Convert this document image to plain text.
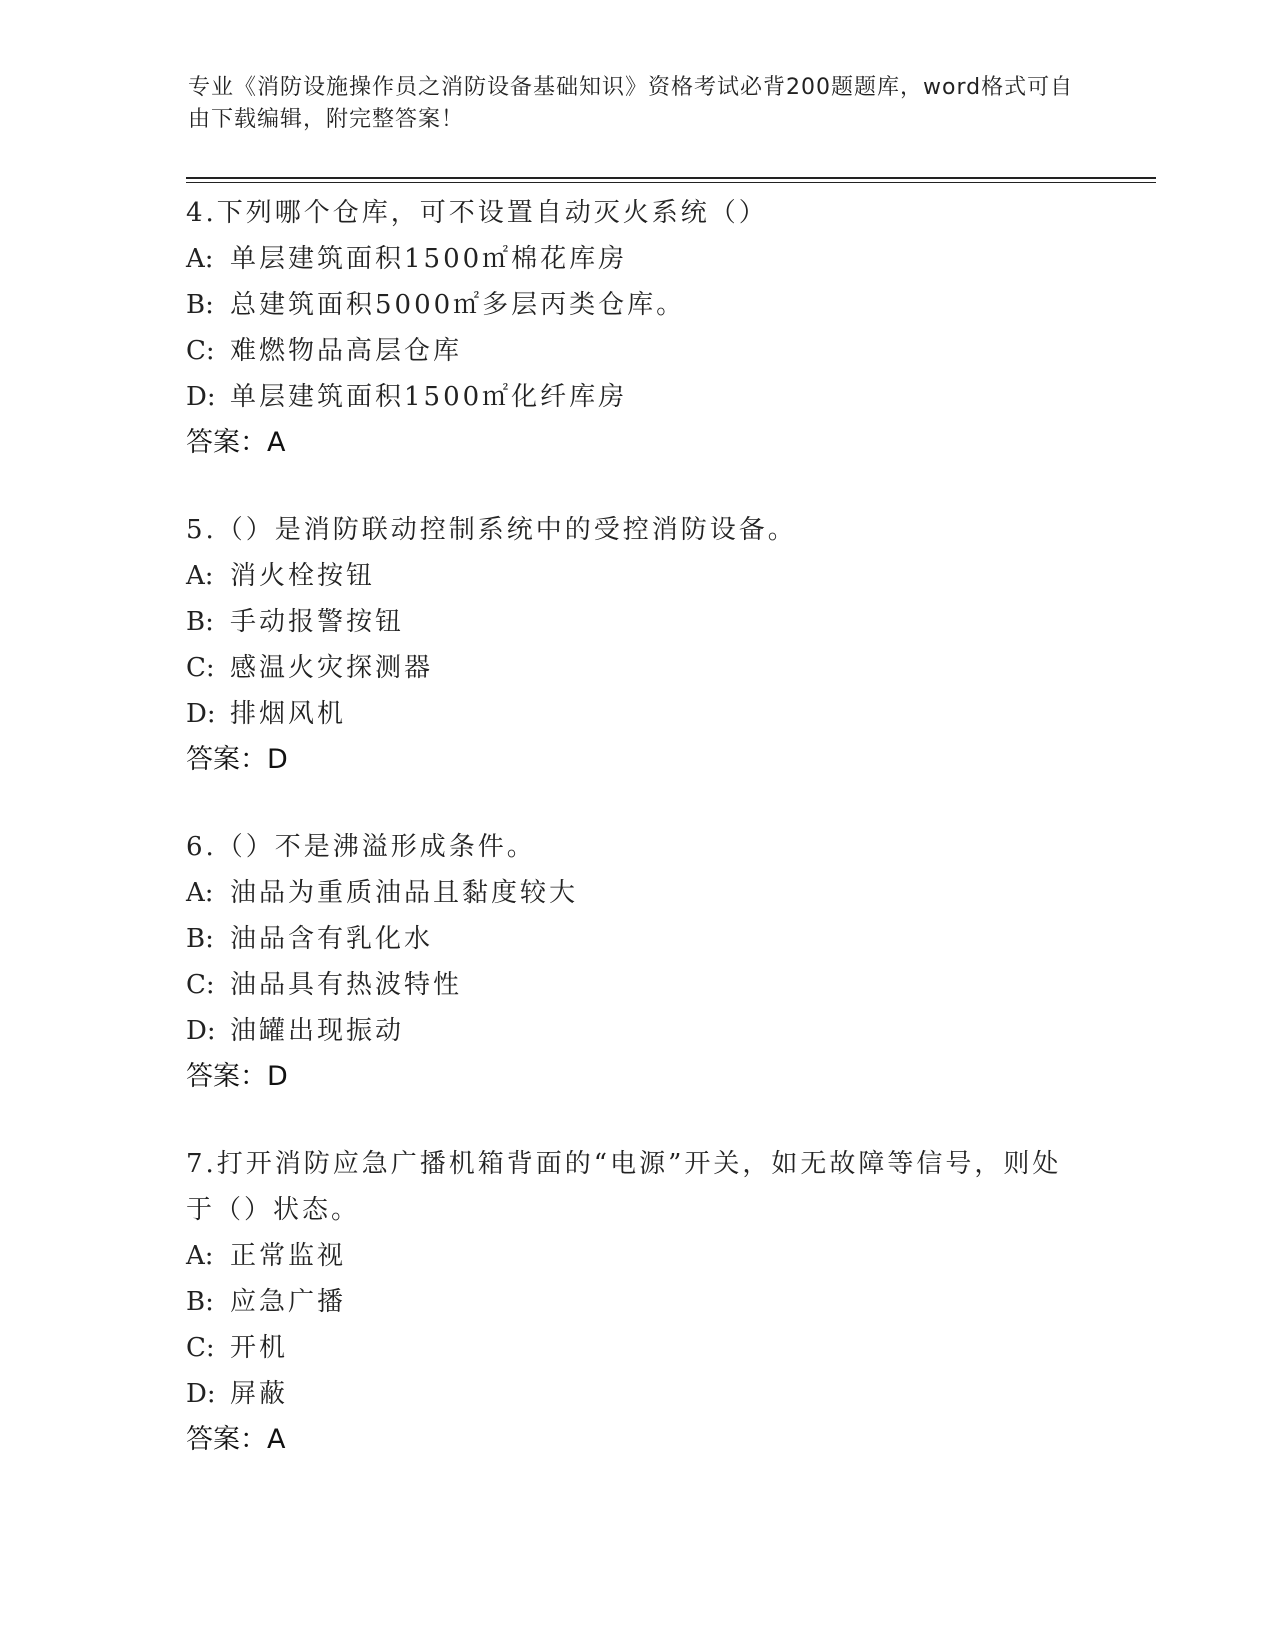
专业《消防设施操作员之消防设备基础知识》资格考试必背200题题库，word格式可自由下载编辑，附完整答案！
4.下列哪个仓库，可不设置自动灭火系统（）
A: 单层建筑面积1500㎡棉花库房
B: 总建筑面积5000㎡多层丙类仓库。
C: 难燃物品高层仓库
D: 单层建筑面积1500㎡化纤库房
答案：A
5.（）是消防联动控制系统中的受控消防设备。
A: 消火栓按钮
B: 手动报警按钮
C: 感温火灾探测器
D: 排烟风机
答案：D
6.（）不是沸溢形成条件。
A: 油品为重质油品且黏度较大
B: 油品含有乳化水
C: 油品具有热波特性
D: 油罐出现振动
答案：D
7.打开消防应急广播机箱背面的“电源”开关，如无故障等信号，则处于（）状态。
A: 正常监视
B: 应急广播
C: 开机
D: 屏蔽
答案：A
